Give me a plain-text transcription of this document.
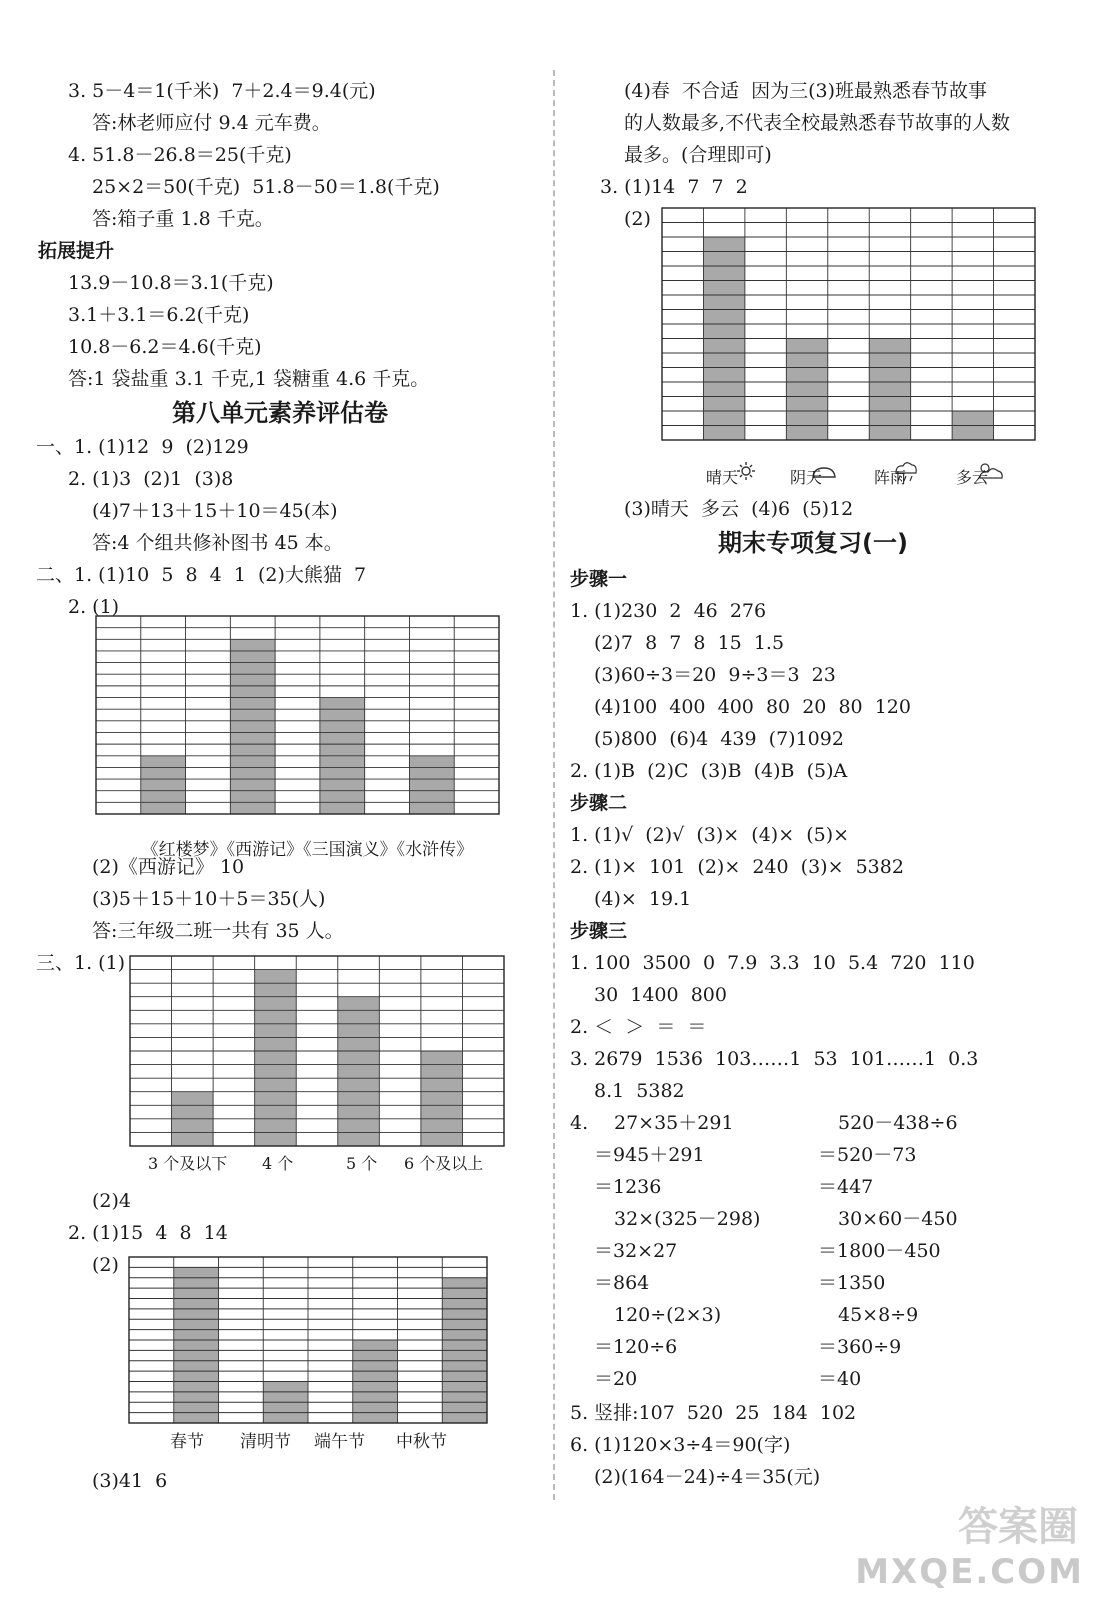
3. 5－4＝1(千米)  7＋2.4＝9.4(元)
答:林老师应付 9.4 元车费。
4. 51.8－26.8＝25(千克)
25×2＝50(千克)  51.8－50＝1.8(千克)
答:箱子重 1.8 千克。
拓展提升
13.9－10.8＝3.1(千克)
3.1＋3.1＝6.2(千克)
10.8－6.2＝4.6(千克)
答:1 袋盐重 3.1 千克,1 袋糖重 4.6 千克。
第八单元素养评估卷
一、1. (1)12  9  (2)129
2. (1)3  (2)1  (3)8
(4)7＋13＋15＋10＝45(本)
答:4 个组共修补图书 45 本。
二、1. (1)10  5  8  4  1  (2)大熊猫  7
2. (1)

《红楼梦》《西游记》《三国演义》《水浒传》

(2)《西游记》 10
(3)5＋15＋10＋5＝35(人)
答:三年级二班一共有 35 人。
三、1. (1)
3 个及以下 4 个	5 个 6 个及以上
(2)4
2. (1)15  4  8  14
(2)
春节 清明节 端午节 中秋节
(3)41  6
(4)春  不合适  因为三(3)班最熟悉春节故事
的人数最多,不代表全校最熟悉春节故事的人数
最多。(合理即可)
3. (1)14  7  7  2
(2)

晴天	阴天	阵雨	多云
(3)晴天  多云  (4)6  (5)12
期末专项复习(一)
步骤一
1. (1)230  2  46  276
(2)7  8  7  8  15  1.5
(3)60÷3＝20  9÷3＝3  23
(4)100  400  400  80  20  80  120
(5)800  (6)4  439  (7)1092
2. (1)B  (2)C  (3)B  (4)B  (5)A
步骤二
1. (1)√  (2)√  (3)×  (4)×  (5)×
2. (1)×  101  (2)×  240  (3)×  5382
(4)×  19.1
步骤三
1. 100  3500  0  7.9  3.3  10  5.4  720  110
30  1400  800
2. ＜  ＞  ＝  ＝
3. 2679  1536  103……1  53  101……1  0.3
8.1  5382
4. 27×35＋291	520－438÷6
＝945＋291	＝520－73
＝1236	＝447
32×(325－298)	30×60－450
＝32×27	＝1800－450
＝864	＝1350
120÷(2×3)	45×8÷9
＝120÷6	＝360÷9
＝20	＝40
5. 竖排:107  520  25  184  102
6. (1)120×3÷4＝90(字)
(2)(164－24)÷4＝35(元)
答案圈
MXQE.COM
